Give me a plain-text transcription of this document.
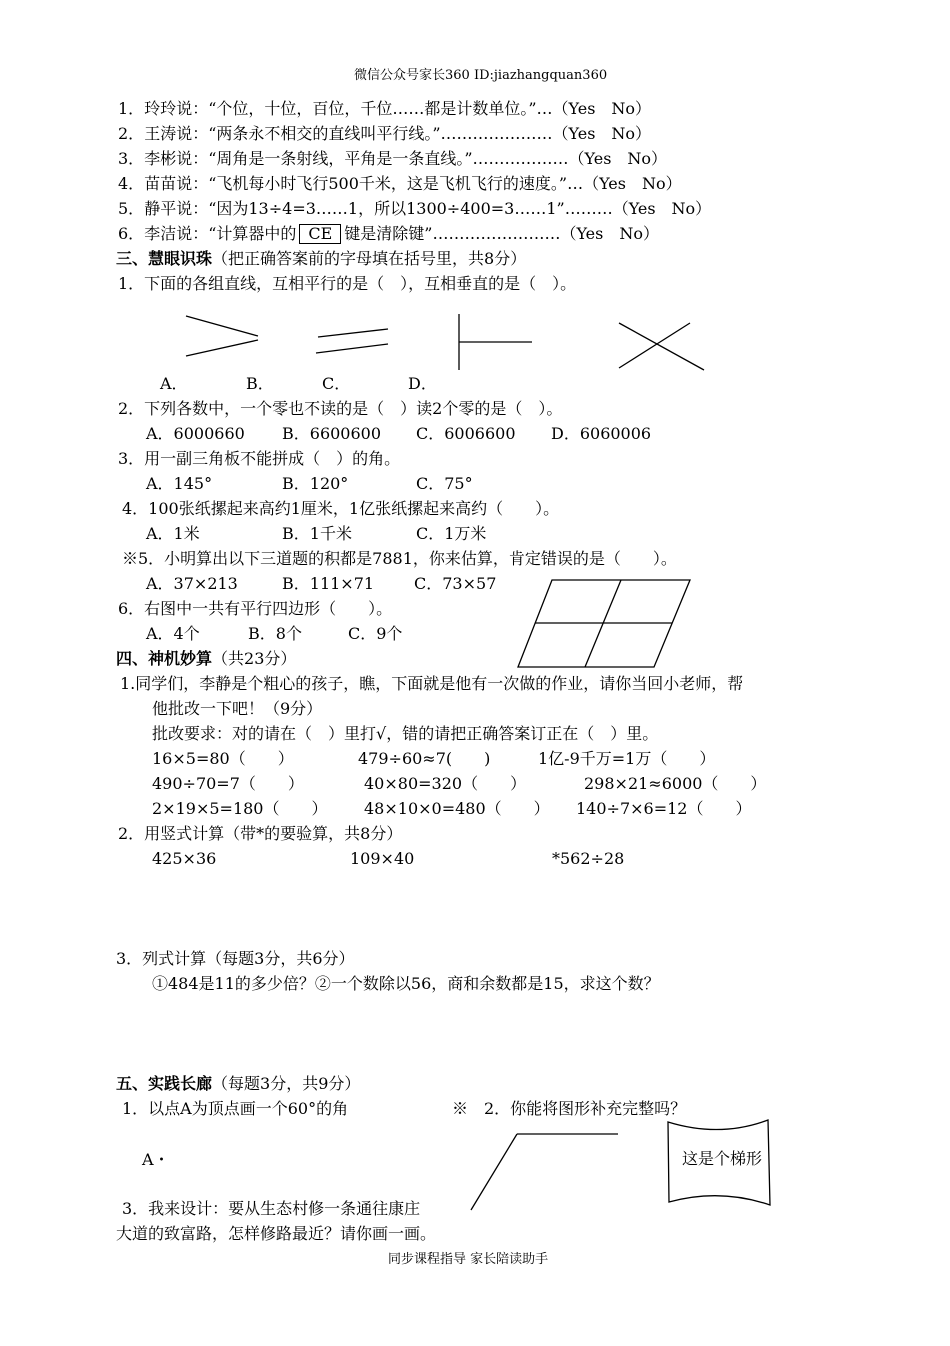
微信公众号家长360 ID:jiazhangquan360
1．玲玲说：“个位，十位，百位，千位……都是计数单位。”…（Yes　No）
2．王涛说：“两条永不相交的直线叫平行线。”…………………（Yes　No）
3．李彬说：“周角是一条射线，平角是一条直线。”………………（Yes　No）
4．苗苗说：“飞机每小时飞行500千米，这是飞机飞行的速度。”…（Yes　No）
5．静平说：“因为13÷4=3……1，所以1300÷400=3……1”………（Yes　No）
6．李洁说：“计算器中的 CE 键是清除键”……………………（Yes　No）
三、慧眼识珠（把正确答案前的字母填在括号里，共8分）
1．下面的各组直线，互相平行的是（　），互相垂直的是（　）。
A．	B．	C．	D．
2．下列各数中，一个零也不读的是（　）读2个零的是（　）。
A．6000660 B．6600600 C．6006600 D．6060006
3．用一副三角板不能拼成（　）的角。
A．145°	B．120°	C．75°
4．100张纸摞起来高约1厘米，1亿张纸摞起来高约（　　）。
A．1米	B．1千米	C．1万米
※5．小明算出以下三道题的积都是7881，你来估算，肯定错误的是（　　）。
A．37×213	B．111×71 C．73×57
6．右图中一共有平行四边形（　　）。
A．4个	B．8个	C．9个
四、神机妙算（共23分）
1.同学们，李静是个粗心的孩子，瞧，下面就是他有一次做的作业，请你当回小老师，帮
他批改一下吧！（9分）
批改要求：对的请在（　）里打√，错的请把正确答案订正在（　）里。
16×5=80（　　）	479÷60≈7(　　)	1亿-9千万=1万（　　）
490÷70=7（　　）	40×80=320（　　）	298×21≈6000（　　）
2×19×5=180（　　） 48×10×0=480（　　） 140÷7×6=12（　　）
2．用竖式计算（带*的要验算，共8分）
425×36	109×40	*562÷28
3．列式计算（每题3分，共6分）
①484是11的多少倍？②一个数除以56，商和余数都是15，求这个数？
五、实践长廊（每题3分，共9分）
1．以点A为顶点画一个60°的角	※　2．你能将图形补充完整吗？
A・	这是个梯形
3．我来设计：要从生态村修一条通往康庄
大道的致富路，怎样修路最近？请你画一画。
同步课程指导 家长陪读助手
